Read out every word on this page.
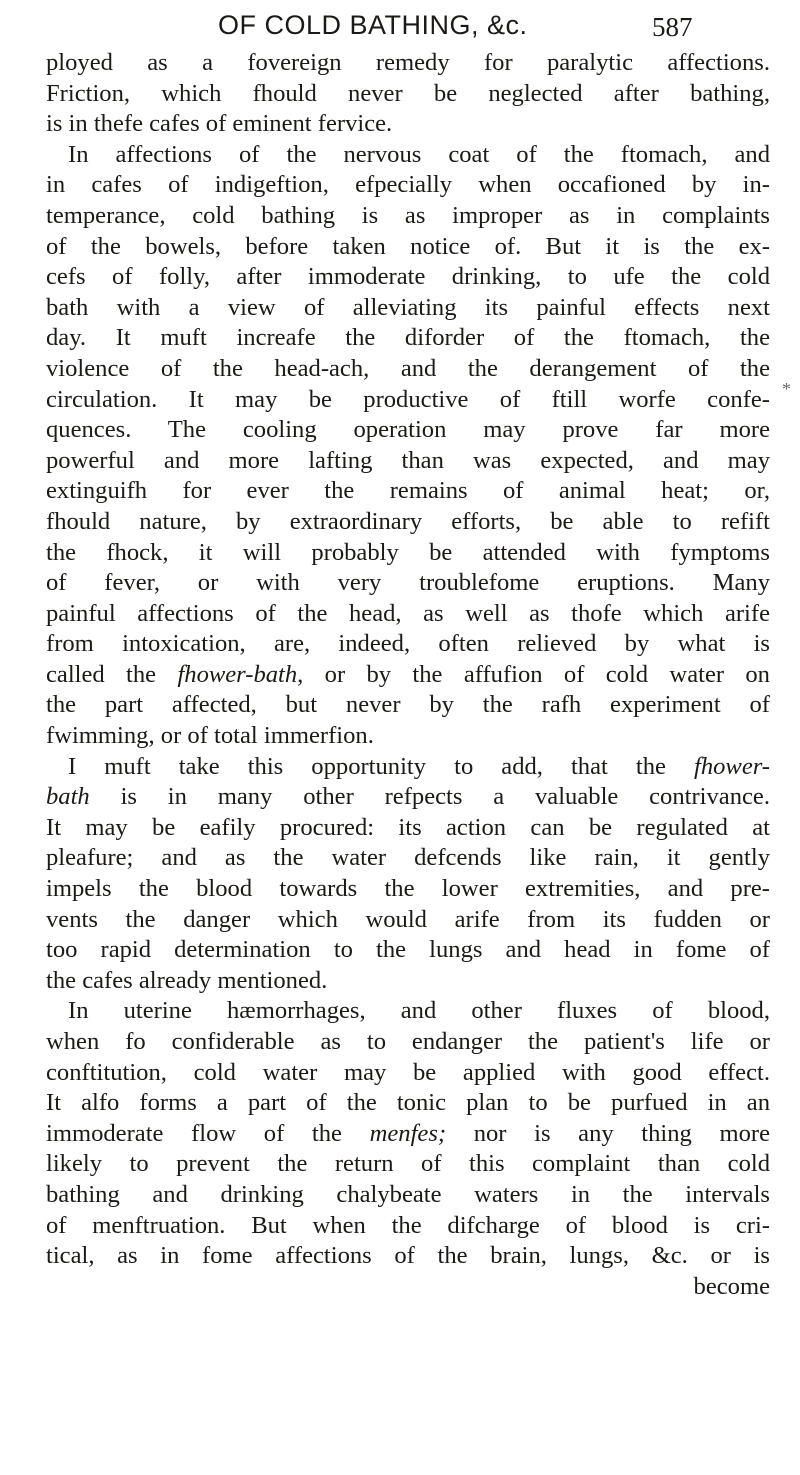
OF COLD BATHING, &c.	587
*
ployed as a fovereign remedy for paralytic affections.
Friction, which fhould never be neglected after bathing,
is in thefe cafes of eminent fervice.
In affections of the nervous coat of the ftomach, and
in cafes of indigeftion, efpecially when occafioned by in-
temperance, cold bathing is as improper as in complaints
of the bowels, before taken notice of. But it is the ex-
cefs of folly, after immoderate drinking, to ufe the cold
bath with a view of alleviating its painful effects next
day. It muft increafe the diforder of the ftomach, the
violence of the head-ach, and the derangement of the
circulation. It may be productive of ftill worfe confe-
quences. The cooling operation may prove far more
powerful and more lafting than was expected, and may
extinguifh for ever the remains of animal heat; or,
fhould nature, by extraordinary efforts, be able to refift
the fhock, it will probably be attended with fymptoms
of fever, or with very troublefome eruptions. Many
painful affections of the head, as well as thofe which arife
from intoxication, are, indeed, often relieved by what is
called the fhower-bath, or by the affufion of cold water on
the part affected, but never by the rafh experiment of
fwimming, or of total immerfion.
I muft take this opportunity to add, that the fhower-
bath is in many other refpects a valuable contrivance.
It may be eafily procured: its action can be regulated at
pleafure; and as the water defcends like rain, it gently
impels the blood towards the lower extremities, and pre-
vents the danger which would arife from its fudden or
too rapid determination to the lungs and head in fome of
the cafes already mentioned.
In uterine hæmorrhages, and other fluxes of blood,
when fo confiderable as to endanger the patient's life or
conftitution, cold water may be applied with good effect.
It alfo forms a part of the tonic plan to be purfued in an
immoderate flow of the menfes; nor is any thing more
likely to prevent the return of this complaint than cold
bathing and drinking chalybeate waters in the intervals
of menftruation. But when the difcharge of blood is cri-
tical, as in fome affections of the brain, lungs, &c. or is
become
